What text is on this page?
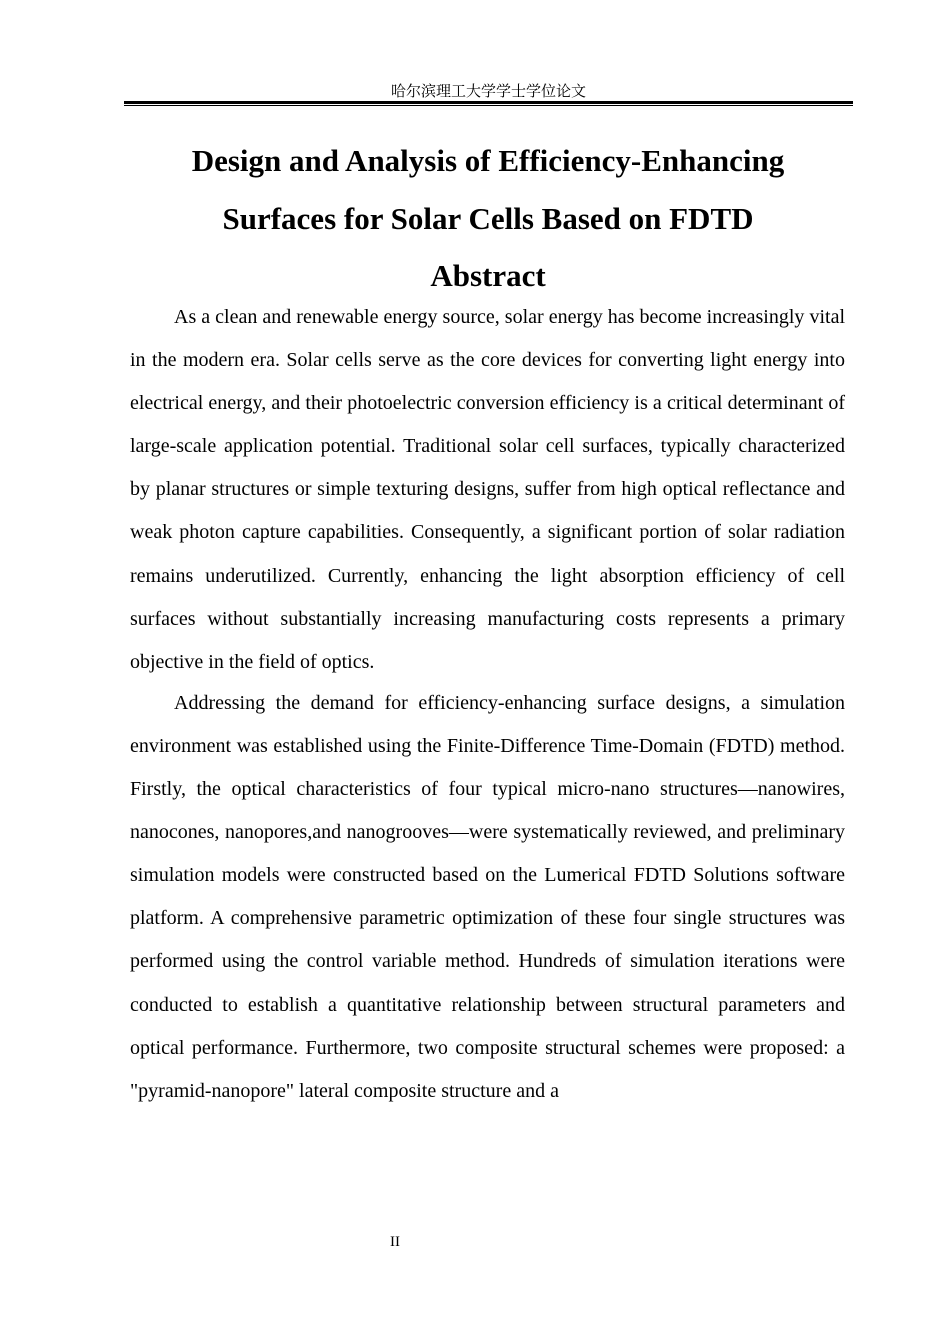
哈尔滨理工大学学士学位论文
Design and Analysis of Efficiency-Enhancing
Surfaces for Solar Cells Based on FDTD
Abstract

As a clean and renewable energy source, solar energy has become increasingly vital in the modern era. Solar cells serve as the core devices for converting light energy into electrical energy, and their photoelectric conversion efficiency is a critical determinant of large-scale application potential. Traditional solar cell surfaces, typically characterized by planar structures or simple texturing designs, suffer from high optical reflectance and weak photon capture capabilities. Consequently, a significant portion of solar radiation remains underutilized. Currently, enhancing the light absorption efficiency of cell surfaces without substantially increasing manufacturing costs represents a primary objective in the field of optics.

Addressing the demand for efficiency-enhancing surface designs, a simulation environment was established using the Finite-Difference Time-Domain (FDTD) method. Firstly, the optical characteristics of four typical micro-nano structures—nanowires, nanocones, nanopores,and nanogrooves—were systematically reviewed, and preliminary simulation models were constructed based on the Lumerical FDTD Solutions software platform. A comprehensive parametric optimization of these four single structures was performed using the control variable method. Hundreds of simulation iterations were conducted to establish a quantitative relationship between structural parameters and optical performance. Furthermore, two composite structural schemes were proposed: a "pyramid-nanopore" lateral composite structure and a

II
